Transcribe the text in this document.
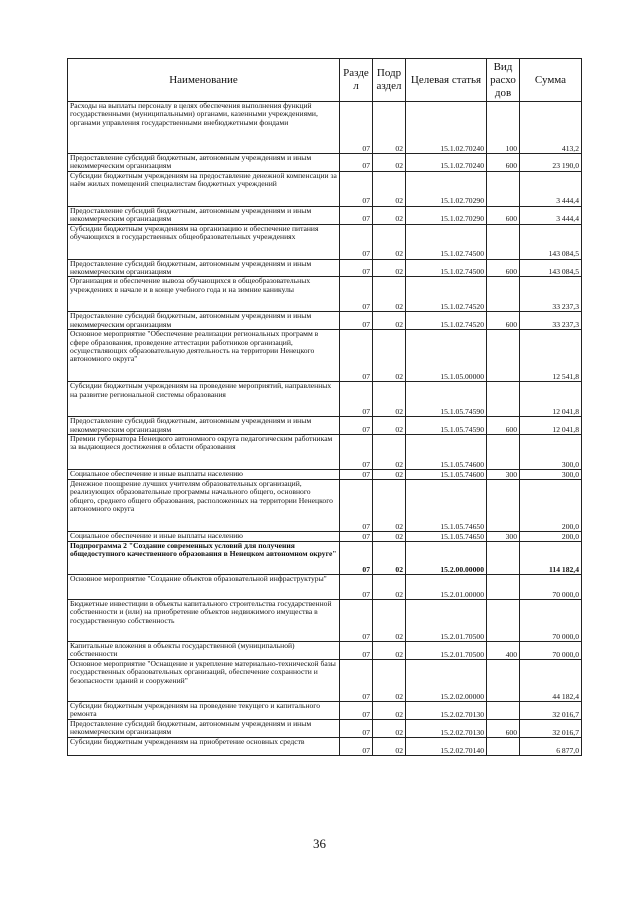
Наименование	Разде л	Подр аздел	Целевая статья	Вид расхо дов	Сумма
Расходы на выплаты персоналу в целях обеспечения выполнения функций государственными (муниципальными) органами, казенными учреждениями, органами управления государственными внебюджетными фондами	07	02	15.1.02.70240	100	413,2
Предоставление субсидий бюджетным, автономным учреждениям и иным некоммерческим организациям	07	02	15.1.02.70240	600	23 190,0
Субсидии бюджетным учреждениям на предоставление денежной компенсации за наём жилых помещений специалистам бюджетных учреждений	07	02	15.1.02.70290		3 444,4
Предоставление субсидий бюджетным, автономным учреждениям и иным некоммерческим организациям	07	02	15.1.02.70290	600	3 444,4
Субсидии бюджетным учреждениям на организацию и обеспечение питания обучающихся в государственных общеобразовательных учреждениях	07	02	15.1.02.74500		143 084,5
Предоставление субсидий бюджетным, автономным учреждениям и иным некоммерческим организациям	07	02	15.1.02.74500	600	143 084,5
Организация и обеспечение вывоза обучающихся в общеобразовательных учреждениях в начале и в конце учебного года и на зимние каникулы	07	02	15.1.02.74520		33 237,3
Предоставление субсидий бюджетным, автономным учреждениям и иным некоммерческим организациям	07	02	15.1.02.74520	600	33 237,3
Основное мероприятие "Обеспечение реализации региональных программ в сфере образования, проведение аттестации работников организаций, осуществляющих образовательную деятельность на территории Ненецкого автономного округа"	07	02	15.1.05.00000		12 541,8
Субсидии бюджетным учреждениям на проведение мероприятий, направленных на развитие региональной системы образования	07	02	15.1.05.74590		12 041,8
Предоставление субсидий бюджетным, автономным учреждениям и иным некоммерческим организациям	07	02	15.1.05.74590	600	12 041,8
Премии губернатора Ненецкого автономного округа педагогическим работникам за выдающиеся достижения в области образования	07	02	15.1.05.74600		300,0
Социальное обеспечение и иные выплаты населению	07	02	15.1.05.74600	300	300,0
Денежное поощрение лучших учителям образовательных организаций, реализующих образовательные программы начального общего, основного общего, среднего общего образования, расположенных на территории Ненецкого автономного округа	07	02	15.1.05.74650		200,0
Социальное обеспечение и иные выплаты населению	07	02	15.1.05.74650	300	200,0
Подпрограмма 2 "Создание современных условий для получения общедоступного качественного образования в Ненецком автономном округе"	07	02	15.2.00.00000		114 182,4
Основное мероприятие "Создание объектов образовательной инфраструктуры"	07	02	15.2.01.00000		70 000,0
Бюджетные инвестиции в объекты капитального строительства государственной собственности и (или) на приобретение объектов недвижимого имущества в государственную собственность	07	02	15.2.01.70500		70 000,0
Капитальные вложения в объекты государственной (муниципальной) собственности	07	02	15.2.01.70500	400	70 000,0
Основное мероприятие "Оснащение и укрепление материально-технической базы государственных образовательных организаций, обеспечение сохранности и безопасности зданий и сооружений"	07	02	15.2.02.00000		44 182,4
Субсидии бюджетным учреждениям на проведение текущего и капитального ремонта	07	02	15.2.02.70130		32 016,7
Предоставление субсидий бюджетным, автономным учреждениям и иным некоммерческим организациям	07	02	15.2.02.70130	600	32 016,7
Субсидии бюджетным учреждениям на приобретение основных средств	07	02	15.2.02.70140		6 877,0
36
